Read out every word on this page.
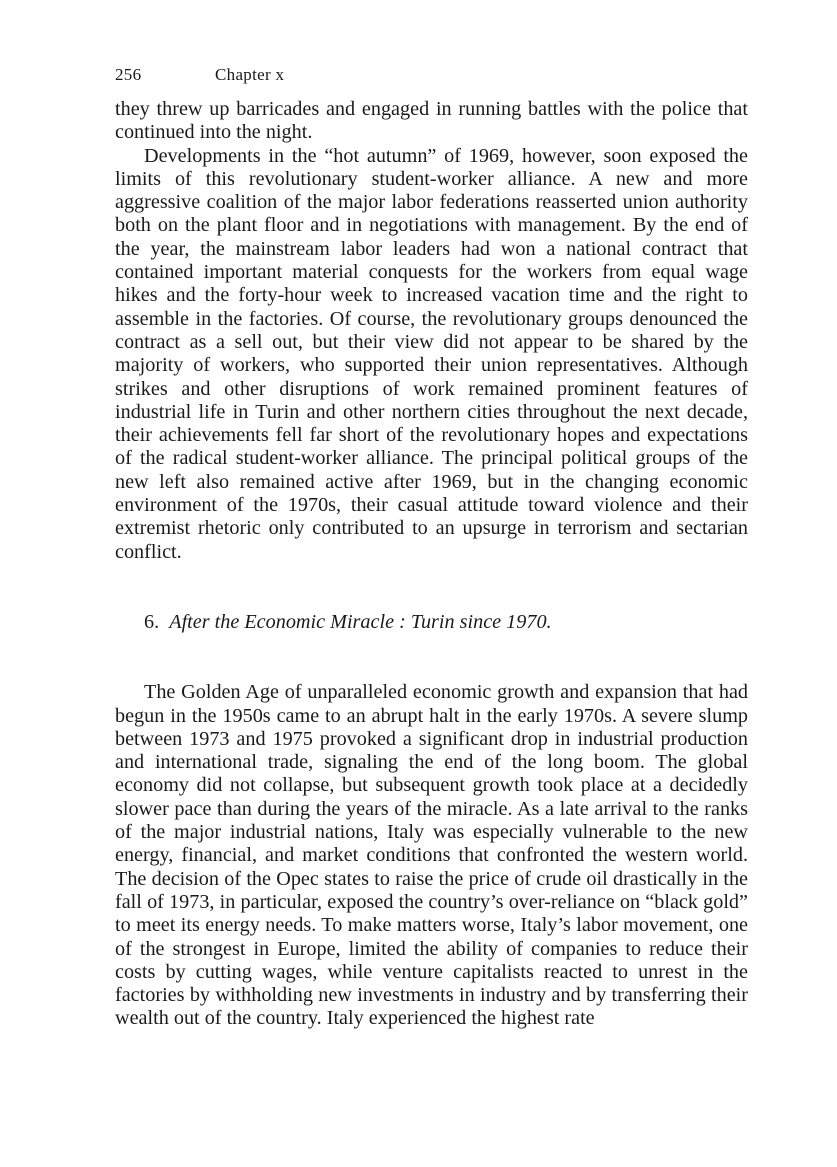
256	Chapter x

they threw up barricades and engaged in running battles with the police that continued into the night.

Developments in the “hot autumn” of 1969, however, soon exposed the limits of this revolutionary student-worker alliance. A new and more aggressive coalition of the major labor federations reasserted union authority both on the plant floor and in negotiations with management. By the end of the year, the mainstream labor leaders had won a national contract that contained important material conquests for the workers from equal wage hikes and the forty-hour week to increased vacation time and the right to assemble in the factories. Of course, the revolutionary groups denounced the contract as a sell out, but their view did not appear to be shared by the majority of workers, who supported their union representatives. Although strikes and other disruptions of work remained prominent features of industrial life in Turin and other northern cities throughout the next decade, their achievements fell far short of the revolutionary hopes and expectations of the radical student-worker alliance. The principal political groups of the new left also remained active after 1969, but in the changing economic environment of the 1970s, their casual attitude toward violence and their extremist rhetoric only contributed to an upsurge in terrorism and sectarian conflict.

6. After the Economic Miracle : Turin since 1970.

The Golden Age of unparalleled economic growth and expansion that had begun in the 1950s came to an abrupt halt in the early 1970s. A severe slump between 1973 and 1975 provoked a significant drop in industrial production and international trade, signaling the end of the long boom. The global economy did not collapse, but subsequent growth took place at a decidedly slower pace than during the years of the miracle. As a late arrival to the ranks of the major industrial nations, Italy was especially vulnerable to the new energy, financial, and market conditions that confronted the western world. The decision of the Opec states to raise the price of crude oil drastically in the fall of 1973, in particular, exposed the country’s over-reliance on “black gold” to meet its energy needs. To make matters worse, Italy’s labor movement, one of the strongest in Europe, limited the ability of companies to reduce their costs by cutting wages, while venture capitalists reacted to unrest in the factories by withholding new investments in industry and by transferring their wealth out of the country. Italy experienced the highest rate
